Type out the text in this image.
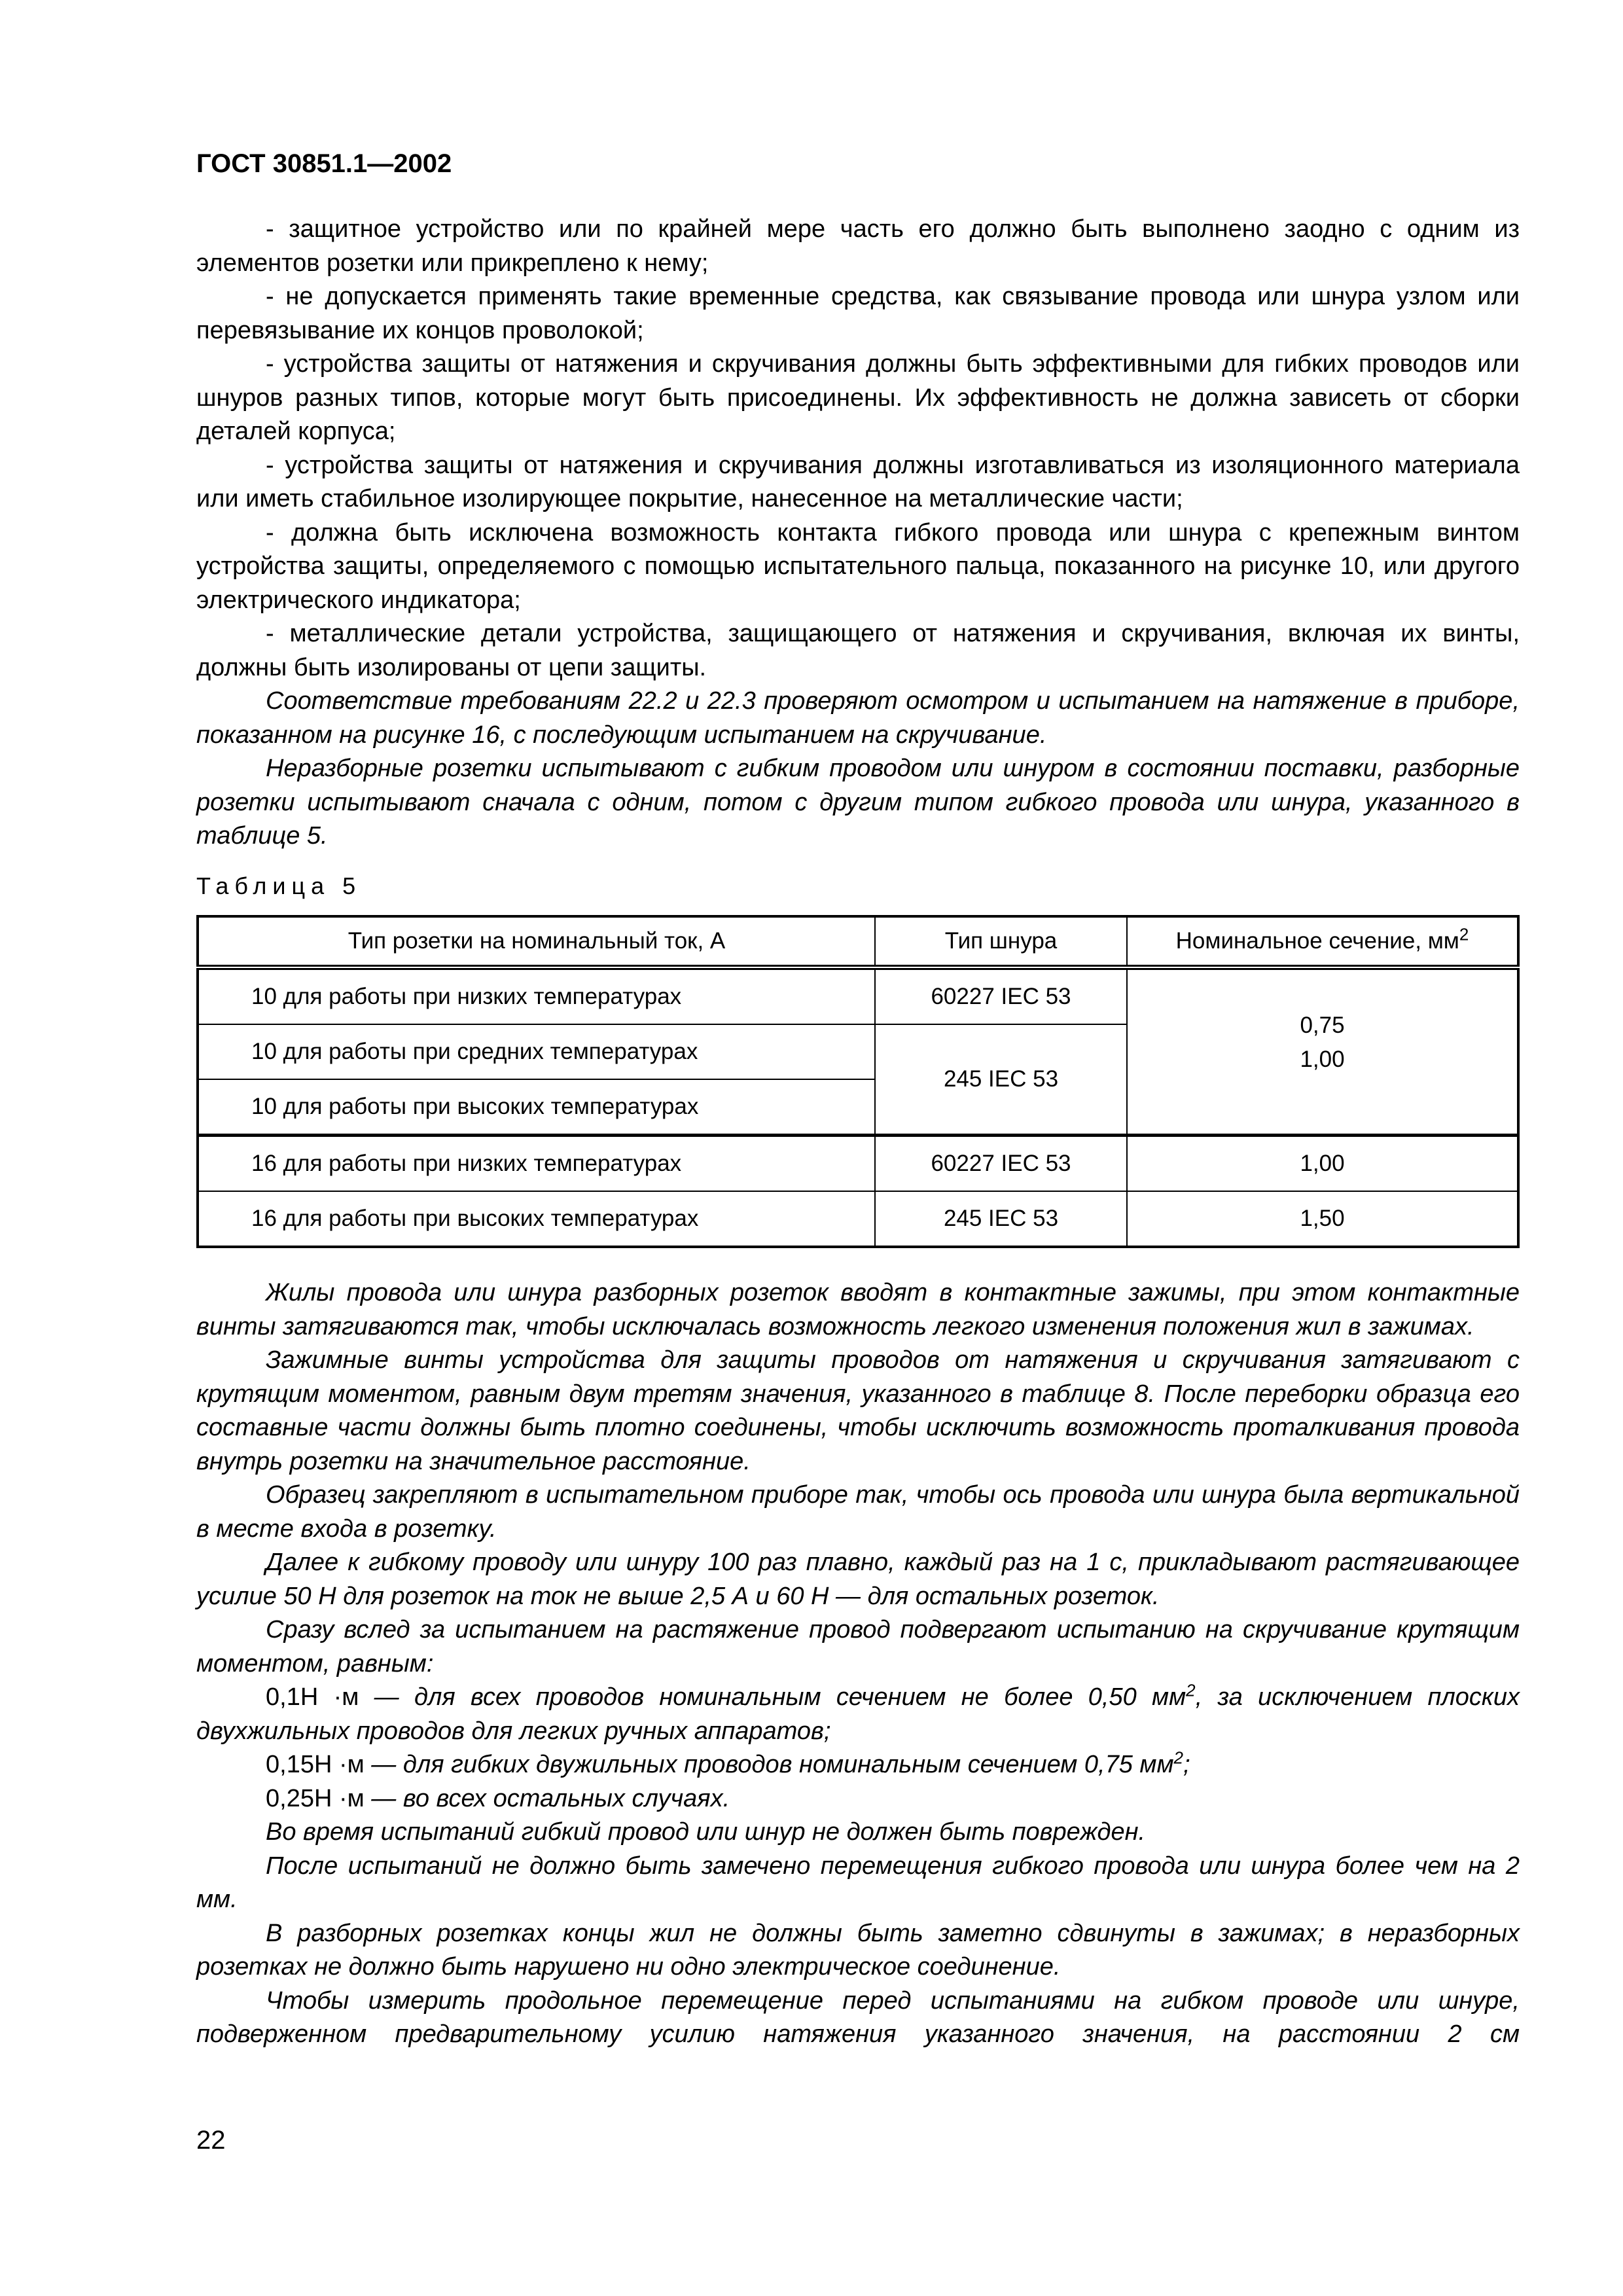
ГОСТ 30851.1—2002

- защитное устройство или по крайней мере часть его должно быть выполнено заодно с одним из элементов розетки или прикреплено к нему;

- не допускается применять такие временные средства, как связывание провода или шнура узлом или перевязывание их концов проволокой;

- устройства защиты от натяжения и скручивания должны быть эффективными для гибких проводов или шнуров разных типов, которые могут быть присоединены. Их эффективность не должна зависеть от сборки деталей корпуса;

- устройства защиты от натяжения и скручивания должны изготавливаться из изоляционного материала или иметь стабильное изолирующее покрытие, нанесенное на металлические части;

- должна быть исключена возможность контакта гибкого провода или шнура с крепежным винтом устройства защиты, определяемого с помощью испытательного пальца, показанного на рисунке 10, или другого электрического индикатора;

- металлические детали устройства, защищающего от натяжения и скручивания, включая их винты, должны быть изолированы от цепи защиты.

Соответствие требованиям 22.2 и 22.3 проверяют осмотром и испытанием на натяжение в приборе, показанном на рисунке 16, с последующим испытанием на скручивание.

Неразборные розетки испытывают с гибким проводом или шнуром в состоянии поставки, разборные розетки испытывают сначала с одним, потом с другим типом гибкого провода или шнура, указанного в таблице 5.

Таблица 5
Тип розетки на номинальный ток, А	Тип шнура	Номинальное сечение, $мм^2$
10 для работы при низких температурах	60227 IEC 53	0,75
1,00

10 для работы при средних температурах	245 IEC 53	
10 для работы при высоких температурах		
16 для работы при низких температурах	60227 IEC 53	1,00
16 для работы при высоких температурах	245 IEC 53	1,50

Жилы провода или шнура разборных розеток вводят в контактные зажимы, при этом контактные винты затягиваются так, чтобы исключалась возможность легкого изменения положения жил в зажимах.

Зажимные винты устройства для защиты проводов от натяжения и скручивания затягивают с крутящим моментом, равным двум третям значения, указанного в таблице 8. После переборки образца его составные части должны быть плотно соединены, чтобы исключить возможность проталкивания провода внутрь розетки на значительное расстояние.

Образец закрепляют в испытательном приборе так, чтобы ось провода или шнура была вертикальной в месте входа в розетку.

Далее к гибкому проводу или шнуру 100 раз плавно, каждый раз на 1 с, прикладывают растягивающее усилие 50 Н для розеток на ток не выше 2,5 А и 60 Н — для остальных розеток.

Сразу вслед за испытанием на растяжение провод подвергают испытанию на скручивание крутящим моментом, равным:

0,1Н ·м — для всех проводов номинальным сечением не более 0,50 $мм^2$, за исключением плоских двухжильных проводов для легких ручных аппаратов;

0,15Н ·м — для гибких двужильных проводов номинальным сечением 0,75 $мм^2$;

0,25Н ·м — во всех остальных случаях.

Во время испытаний гибкий провод или шнур не должен быть поврежден.

После испытаний не должно быть замечено перемещения гибкого провода или шнура более чем на 2 мм.

В разборных розетках концы жил не должны быть заметно сдвинуты в зажимах; в неразборных розетках не должно быть нарушено ни одно электрическое соединение.

Чтобы измерить продольное перемещение перед испытаниями на гибком проводе или шнуре, подверженном предварительному усилию натяжения указанного значения, на расстоянии 2 см

22
